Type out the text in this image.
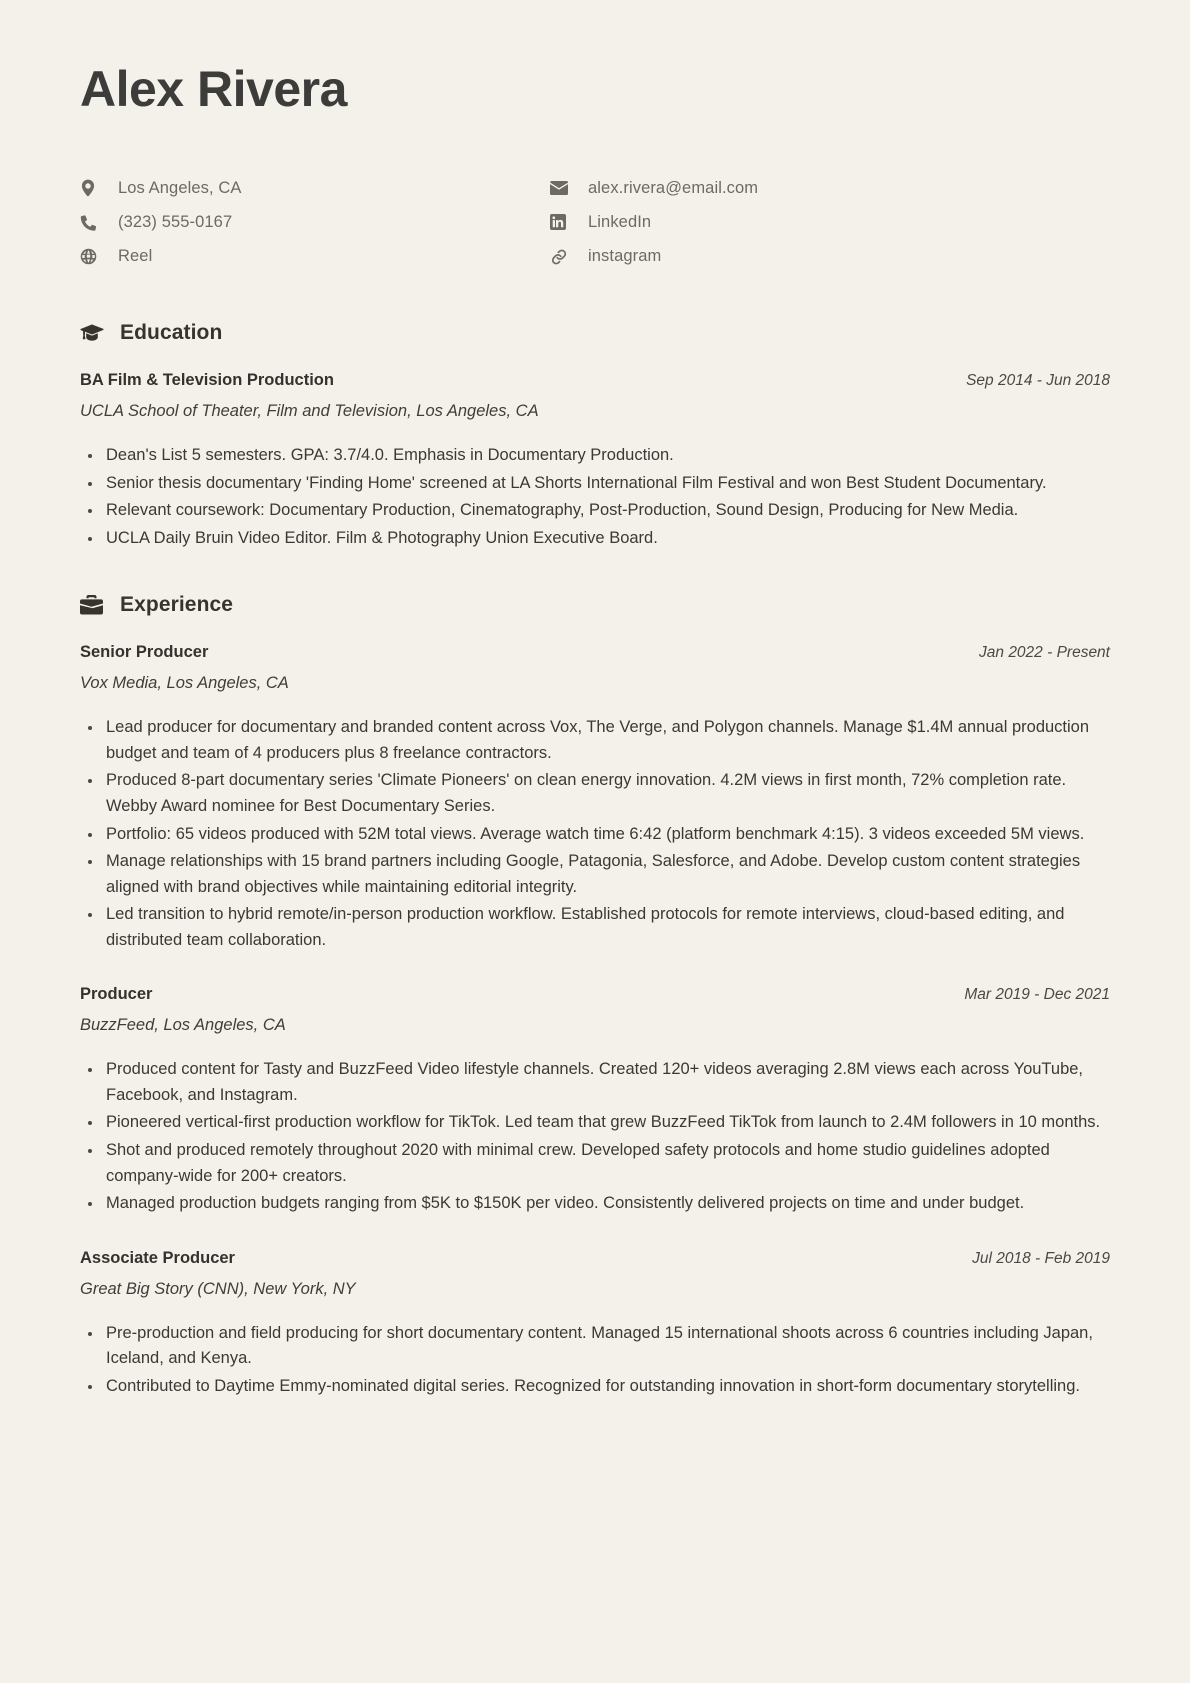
Alex Rivera
Los Angeles, CA
(323) 555-0167
Reel
alex.rivera@email.com
LinkedIn
instagram
Education
BA Film & Television Production	Sep 2014 - Jun 2018
UCLA School of Theater, Film and Television, Los Angeles, CA
Dean's List 5 semesters. GPA: 3.7/4.0. Emphasis in Documentary Production.
Senior thesis documentary 'Finding Home' screened at LA Shorts International Film Festival and won Best Student Documentary.
Relevant coursework: Documentary Production, Cinematography, Post-Production, Sound Design, Producing for New Media.
UCLA Daily Bruin Video Editor. Film & Photography Union Executive Board.
Experience
Senior Producer	Jan 2022 - Present
Vox Media, Los Angeles, CA
Lead producer for documentary and branded content across Vox, The Verge, and Polygon channels. Manage $1.4M annual production budget and team of 4 producers plus 8 freelance contractors.
Produced 8-part documentary series 'Climate Pioneers' on clean energy innovation. 4.2M views in first month, 72% completion rate. Webby Award nominee for Best Documentary Series.
Portfolio: 65 videos produced with 52M total views. Average watch time 6:42 (platform benchmark 4:15). 3 videos exceeded 5M views.
Manage relationships with 15 brand partners including Google, Patagonia, Salesforce, and Adobe. Develop custom content strategies aligned with brand objectives while maintaining editorial integrity.
Led transition to hybrid remote/in-person production workflow. Established protocols for remote interviews, cloud-based editing, and distributed team collaboration.
Producer	Mar 2019 - Dec 2021
BuzzFeed, Los Angeles, CA
Produced content for Tasty and BuzzFeed Video lifestyle channels. Created 120+ videos averaging 2.8M views each across YouTube, Facebook, and Instagram.
Pioneered vertical-first production workflow for TikTok. Led team that grew BuzzFeed TikTok from launch to 2.4M followers in 10 months.
Shot and produced remotely throughout 2020 with minimal crew. Developed safety protocols and home studio guidelines adopted company-wide for 200+ creators.
Managed production budgets ranging from $5K to $150K per video. Consistently delivered projects on time and under budget.
Associate Producer	Jul 2018 - Feb 2019
Great Big Story (CNN), New York, NY
Pre-production and field producing for short documentary content. Managed 15 international shoots across 6 countries including Japan, Iceland, and Kenya.
Contributed to Daytime Emmy-nominated digital series. Recognized for outstanding innovation in short-form documentary storytelling.
